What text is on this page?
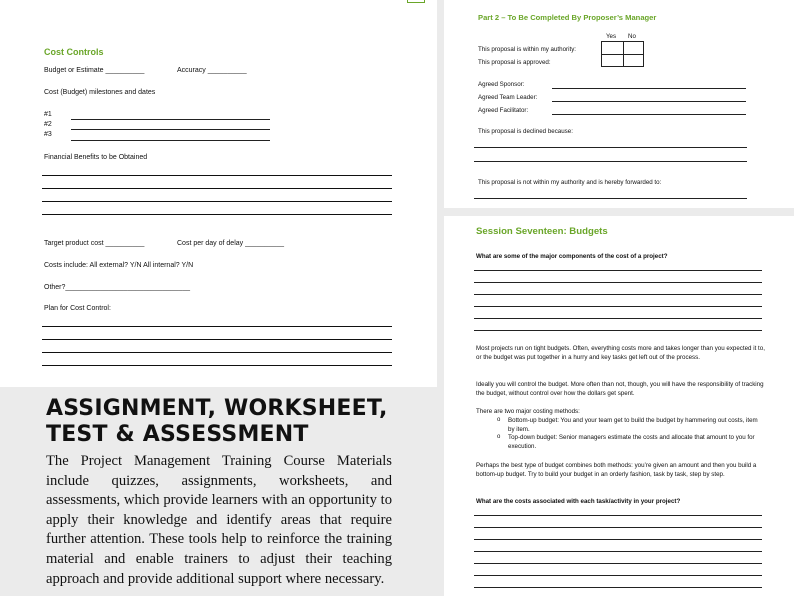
Cost Controls
Budget or Estimate __________	Accuracy __________
Cost (Budget) milestones and dates
#1
#2
#3
Financial Benefits to be Obtained
Target product cost __________	Cost per day of delay __________
Costs include: All external? Y/N All internal? Y/N
Other?________________________________
Plan for Cost Control:
Part 2 – To Be Completed By Proposer’s Manager
Yes No
This proposal is within my authority:
This proposal is approved:
Agreed Sponsor:
Agreed Team Leader:
Agreed Facilitator:
This proposal is declined because:
This proposal is not within my authority and is hereby forwarded to:
Session Seventeen: Budgets
What are some of the major components of the cost of a project?
Most projects run on tight budgets. Often, everything costs more and takes longer than you expected it to, or the budget was put together in a hurry and key tasks get left out of the process.
Ideally you will control the budget. More often than not, though, you will have the responsibility of tracking the budget, without control over how the dollars get spent.
There are two major costing methods:
o Bottom-up budget: You and your team get to build the budget by hammering out costs, item by item.
o Top-down budget: Senior managers estimate the costs and allocate that amount to you for execution.
Perhaps the best type of budget combines both methods: you’re given an amount and then you build a bottom-up budget. Try to build your budget in an orderly fashion, task by task, step by step.
What are the costs associated with each task/activity in your project?
ASSIGNMENT, WORKSHEET, TEST & ASSESSMENT
The Project Management Training Course Materials include quizzes, assignments, worksheets, and assessments, which provide learners with an opportunity to apply their knowledge and identify areas that require further attention. These tools help to reinforce the training material and enable trainers to adjust their teaching approach and provide additional support where necessary.
